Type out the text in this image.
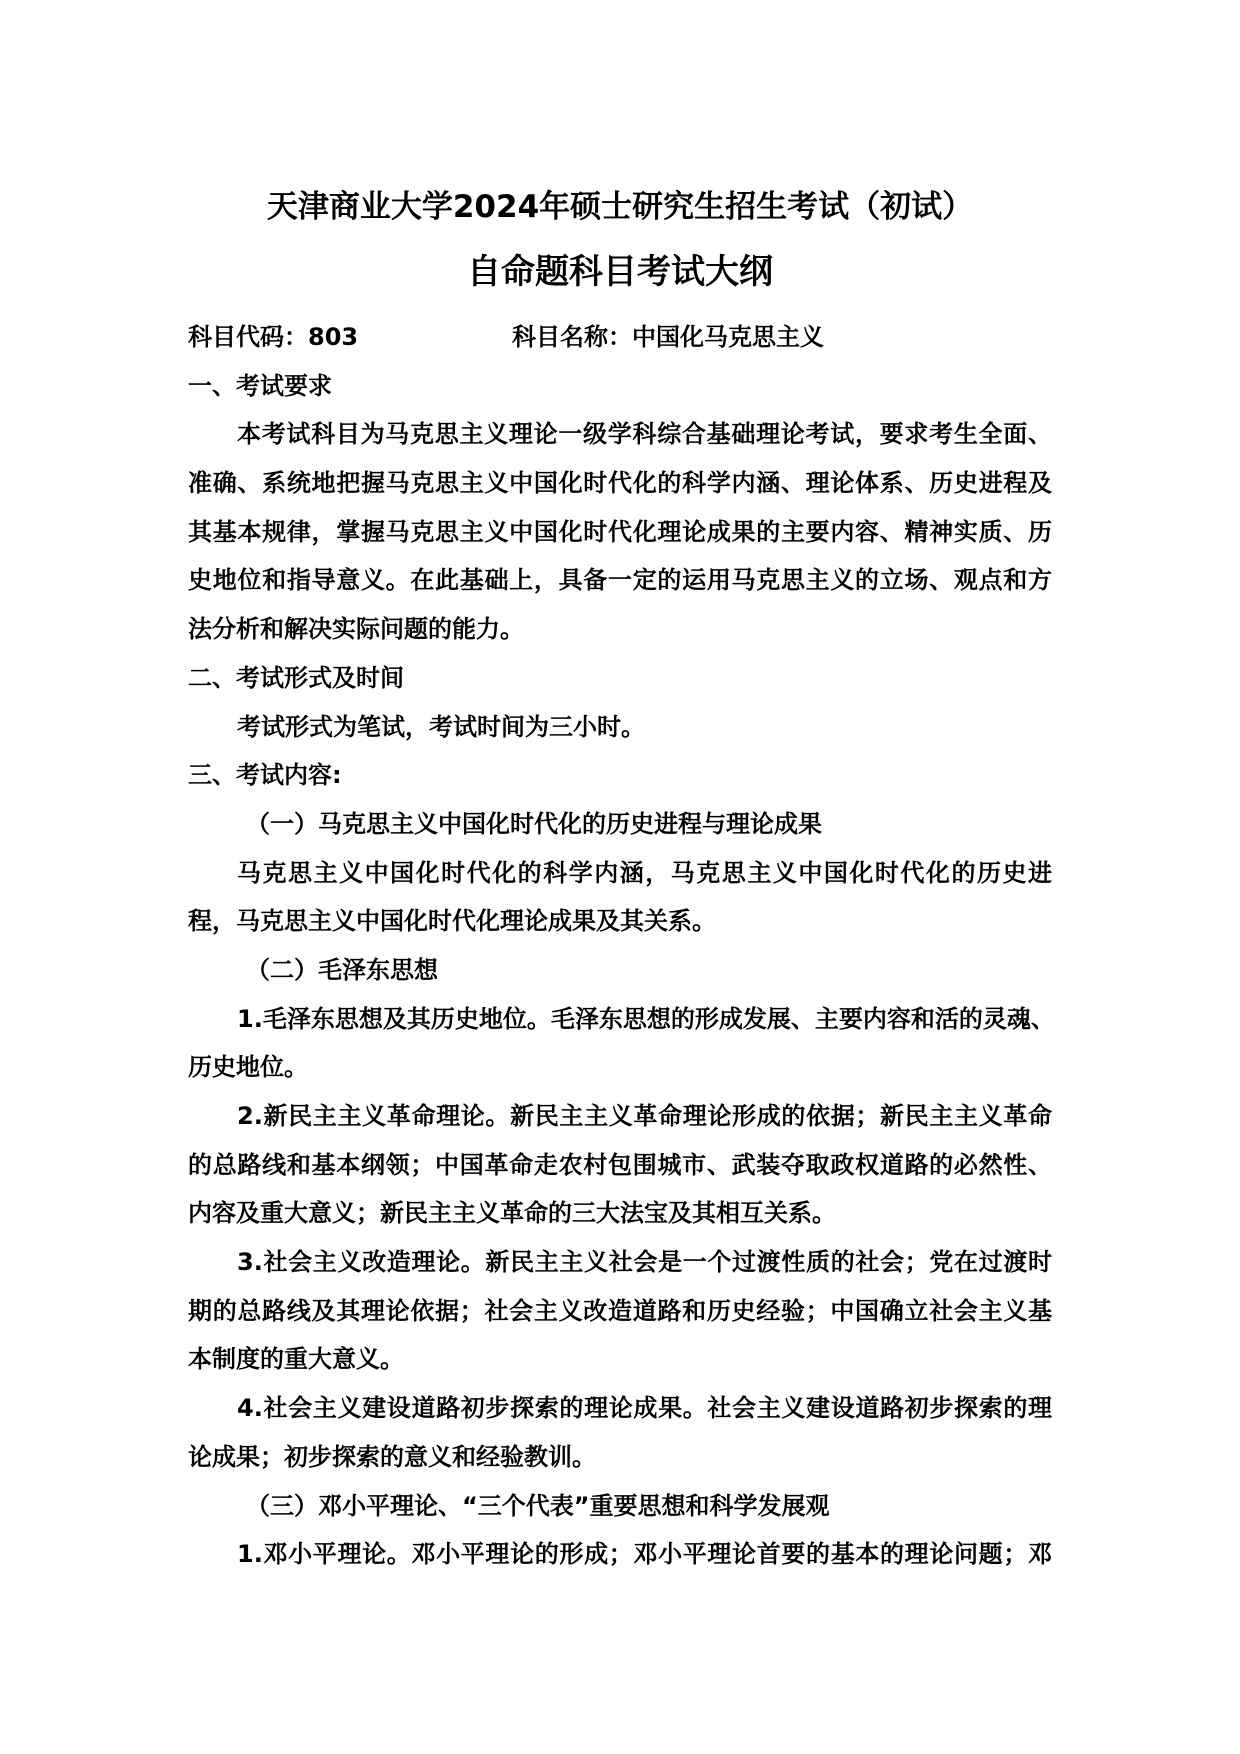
天津商业大学2024年硕士研究生招生考试（初试）
自命题科目考试大纲
科目代码：803	科目名称：中国化马克思主义
一、考试要求
本考试科目为马克思主义理论一级学科综合基础理论考试，要求考生全面、
准确、系统地把握马克思主义中国化时代化的科学内涵、理论体系、历史进程及
其基本规律，掌握马克思主义中国化时代化理论成果的主要内容、精神实质、历
史地位和指导意义。在此基础上，具备一定的运用马克思主义的立场、观点和方
法分析和解决实际问题的能力。
二、考试形式及时间
考试形式为笔试，考试时间为三小时。
三、考试内容:
（一）马克思主义中国化时代化的历史进程与理论成果
马克思主义中国化时代化的科学内涵，马克思主义中国化时代化的历史进
程，马克思主义中国化时代化理论成果及其关系。
（二）毛泽东思想
1.毛泽东思想及其历史地位。毛泽东思想的形成发展、主要内容和活的灵魂、
历史地位。
2.新民主主义革命理论。新民主主义革命理论形成的依据；新民主主义革命
的总路线和基本纲领；中国革命走农村包围城市、武装夺取政权道路的必然性、
内容及重大意义；新民主主义革命的三大法宝及其相互关系。
3.社会主义改造理论。新民主主义社会是一个过渡性质的社会；党在过渡时
期的总路线及其理论依据；社会主义改造道路和历史经验；中国确立社会主义基
本制度的重大意义。
4.社会主义建设道路初步探索的理论成果。社会主义建设道路初步探索的理
论成果；初步探索的意义和经验教训。
（三）邓小平理论、“三个代表”重要思想和科学发展观
1.邓小平理论。邓小平理论的形成；邓小平理论首要的基本的理论问题；邓
